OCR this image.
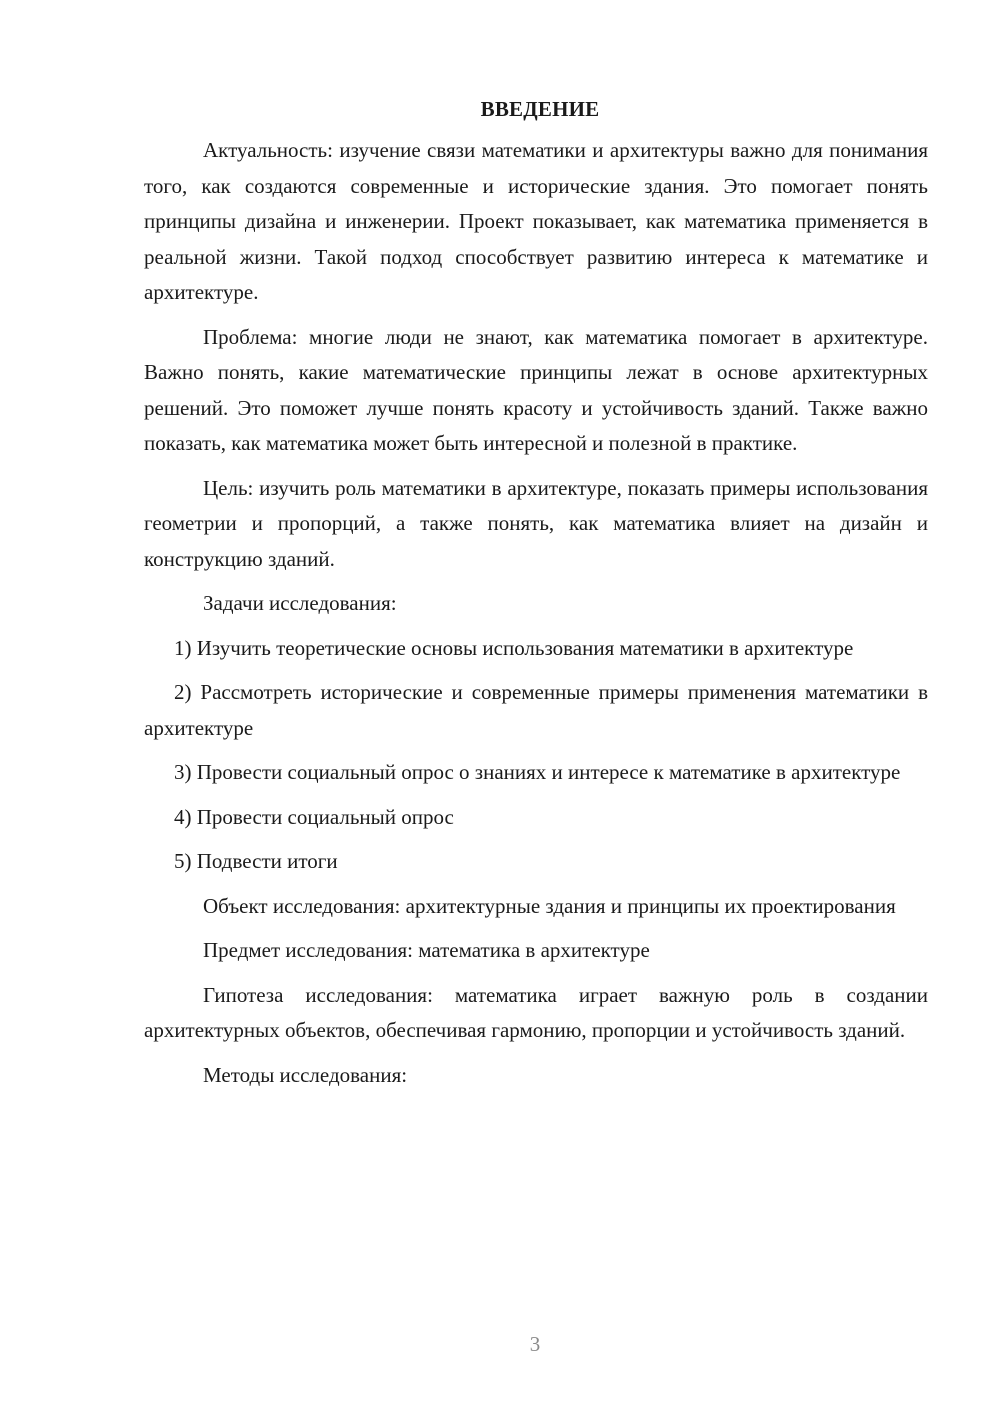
ВВЕДЕНИЕ

Актуальность: изучение связи математики и архитектуры важно для понимания того, как создаются современные и исторические здания. Это помогает понять принципы дизайна и инженерии. Проект показывает, как математика применяется в реальной жизни. Такой подход способствует развитию интереса к математике и архитектуре.

Проблема: многие люди не знают, как математика помогает в архитектуре. Важно понять, какие математические принципы лежат в основе архитектурных решений. Это поможет лучше понять красоту и устойчивость зданий. Также важно показать, как математика может быть интересной и полезной в практике.

Цель: изучить роль математики в архитектуре, показать примеры использования геометрии и пропорций, а также понять, как математика влияет на дизайн и конструкцию зданий.

Задачи исследования:

1) Изучить теоретические основы использования математики в архитектуре

2) Рассмотреть исторические и современные примеры применения математики в архитектуре

3) Провести социальный опрос о знаниях и интересе к математике в архитектуре

4) Провести социальный опрос

5) Подвести итоги

Объект исследования: архитектурные здания и принципы их проектирования

Предмет исследования: математика в архитектуре

Гипотеза исследования: математика играет важную роль в создании архитектурных объектов, обеспечивая гармонию, пропорции и устойчивость зданий.

Методы исследования:

3
